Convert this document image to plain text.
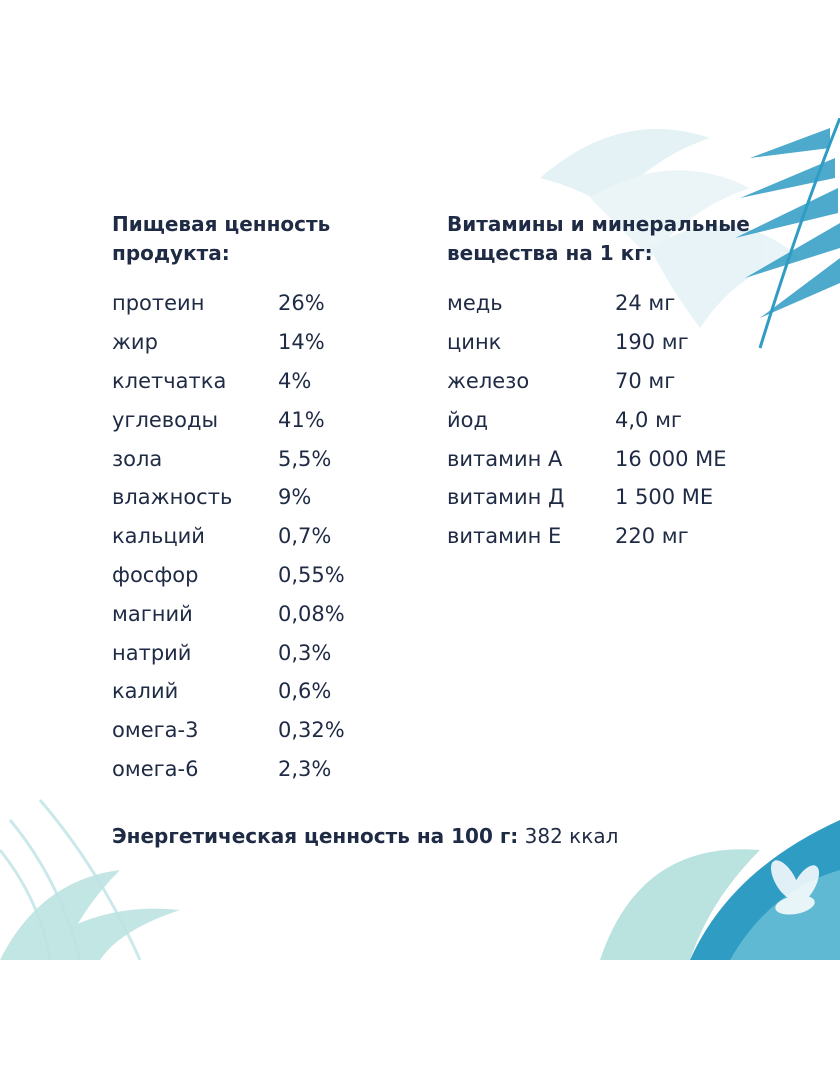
Пищевая ценность
продукта:
протеин	26%
жир	14%
клетчатка	4%
углеводы	41%
зола	5,5%
влажность	9%
кальций	0,7%
фосфор	0,55%
магний	0,08%
натрий	0,3%
калий	0,6%
омега-3	0,32%
омега-6	2,3%
Витамины и минеральные
вещества на 1 кг:
медь	24 мг
цинк	190 мг
железо	70 мг
йод	4,0 мг
витамин А	16 000 МЕ
витамин Д	1 500 МЕ
витамин Е	220 мг
Энергетическая ценность на 100 г: 382 ккал
